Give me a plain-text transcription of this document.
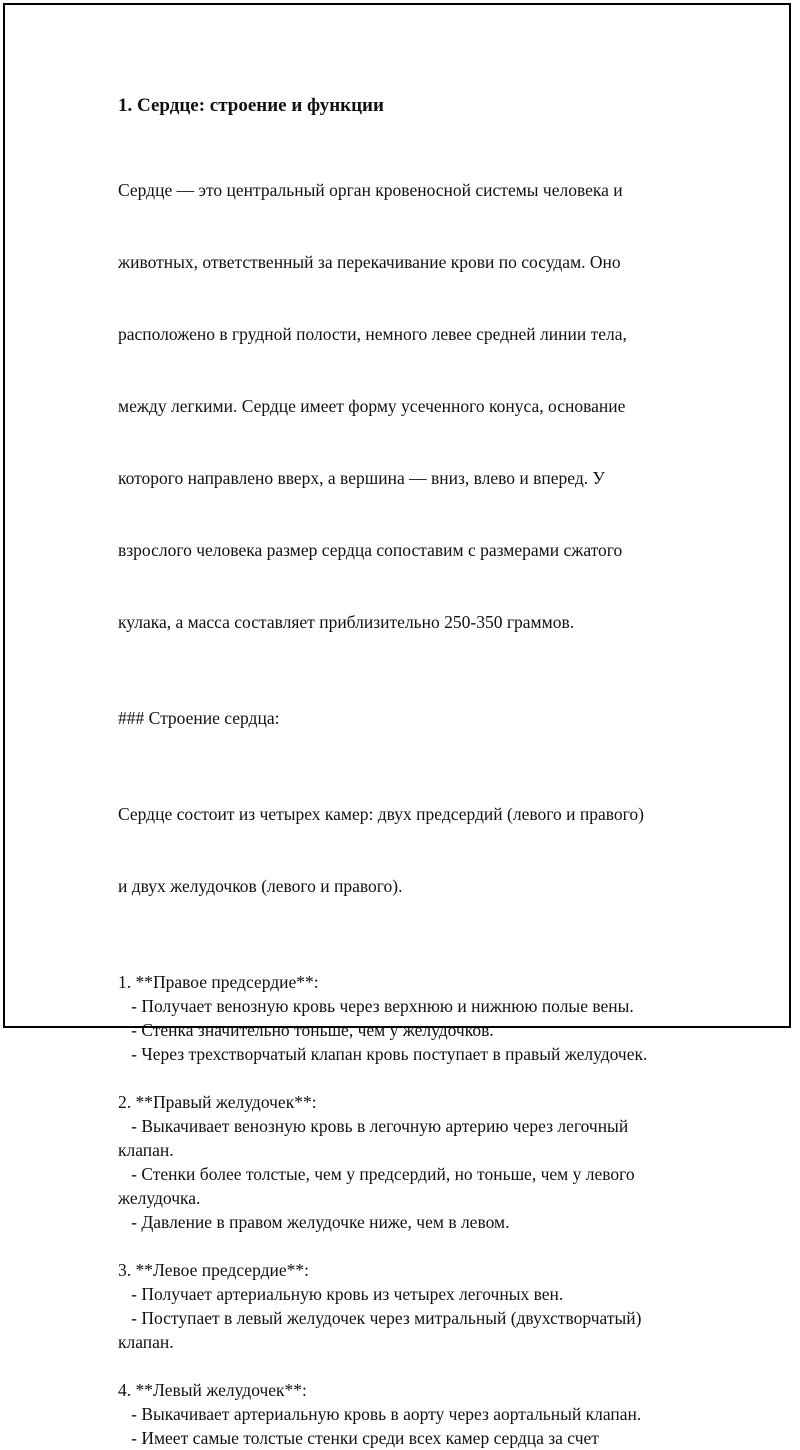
1. Сердце: строение и функции

Сердце — это центральный орган кровеносной системы человека и

животных, ответственный за перекачивание крови по сосудам. Оно

расположено в грудной полости, немного левее средней линии тела,

между легкими. Сердце имеет форму усеченного конуса, основание

которого направлено вверх, а вершина — вниз, влево и вперед. У

взрослого человека размер сердца сопоставим с размерами сжатого

кулака, а масса составляет приблизительно 250-350 граммов.

### Строение сердца:

Сердце состоит из четырех камер: двух предсердий (левого и правого)

и двух желудочков (левого и правого).

1. **Правое предсердие**:
- Получает венозную кровь через верхнюю и нижнюю полые вены.
- Стенка значительно тоньше, чем у желудочков.
- Через трехстворчатый клапан кровь поступает в правый желудочек.
2. **Правый желудочек**:
- Выкачивает венозную кровь в легочную артерию через легочный
клапан.
- Стенки более толстые, чем у предсердий, но тоньше, чем у левого
желудочка.
- Давление в правом желудочке ниже, чем в левом.
3. **Левое предсердие**:
- Получает артериальную кровь из четырех легочных вен.
- Поступает в левый желудочек через митральный (двухстворчатый)
клапан.
4. **Левый желудочек**:
- Выкачивает артериальную кровь в аорту через аортальный клапан.
- Имеет самые толстые стенки среди всех камер сердца за счет
